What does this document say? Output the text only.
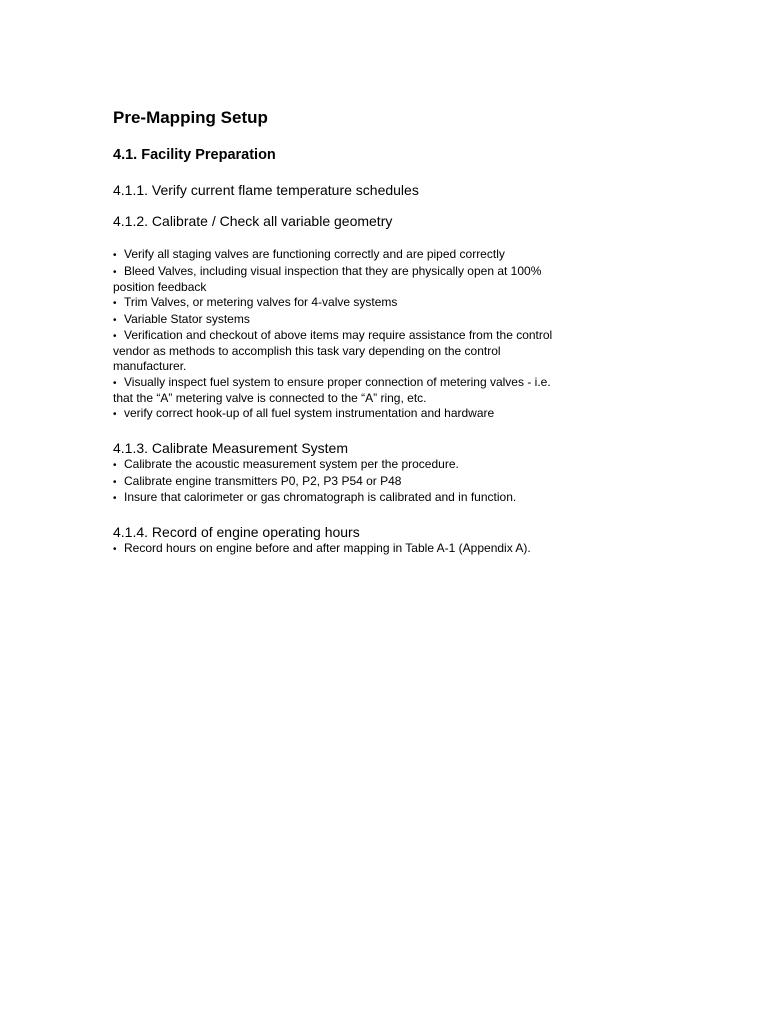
Pre-Mapping Setup
4.1. Facility Preparation

4.1.1. Verify current flame temperature schedules

4.1.2. Calibrate / Check all variable geometry

• Verify all staging valves are functioning correctly and are piped correctly
• Bleed Valves, including visual inspection that they are physically open at 100% position feedback
• Trim Valves, or metering valves for 4-valve systems
• Variable Stator systems
• Verification and checkout of above items may require assistance from the control vendor as methods to accomplish this task vary depending on the control manufacturer.
• Visually inspect fuel system to ensure proper connection of metering valves - i.e. that the “A” metering valve is connected to the “A” ring, etc.
• verify correct hook-up of all fuel system instrumentation and hardware

4.1.3. Calibrate Measurement System

• Calibrate the acoustic measurement system per the procedure.
• Calibrate engine transmitters P0, P2, P3 P54 or P48
• Insure that calorimeter or gas chromatograph is calibrated and in function.

4.1.4. Record of engine operating hours

• Record hours on engine before and after mapping in Table A-1 (Appendix A).
